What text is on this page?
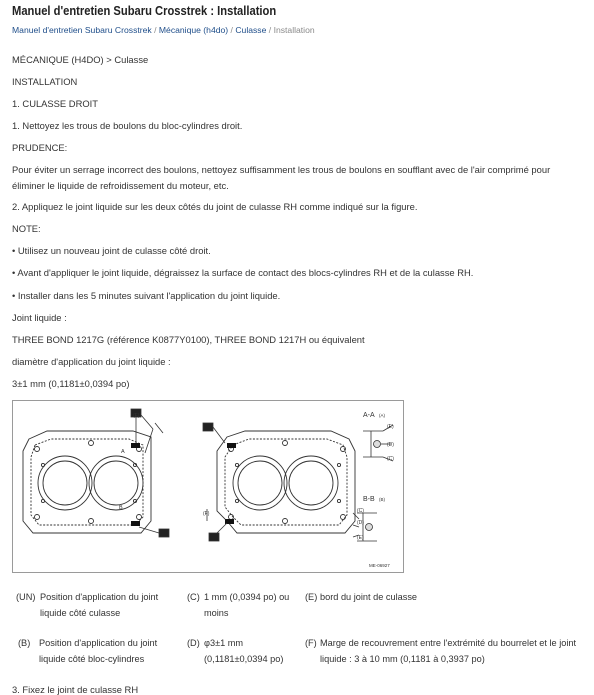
Manuel d'entretien Subaru Crosstrek : Installation
Manuel d'entretien Subaru Crosstrek / Mécanique (h4do) / Culasse / Installation
MÉCANIQUE (H4DO) > Culasse
INSTALLATION
1. CULASSE DROIT
1. Nettoyez les trous de boulons du bloc-cylindres droit.
PRUDENCE:
Pour éviter un serrage incorrect des boulons, nettoyez suffisamment les trous de boulons en soufflant avec de l'air comprimé pour éliminer le liquide de refroidissement du moteur, etc.
2. Appliquez le joint liquide sur les deux côtés du joint de culasse RH comme indiqué sur la figure.
NOTE:
• Utilisez un nouveau joint de culasse côté droit.
• Avant d'appliquer le joint liquide, dégraissez la surface de contact des blocs-cylindres RH et de la culasse RH.
• Installer dans les 5 minutes suivant l'application du joint liquide.
Joint liquide :
THREE BOND 1217G (référence K0877Y0100), THREE BOND 1217H ou équivalent
diamètre d'application du joint liquide :
3±1 mm (0,1181±0,0394 po)
(F)
A
B
(F)
A-A (A)
(E)
(D)
(C)
B-B (B)
(C)
(D)
(E)
ME-06927
(UN) Position d'application du joint liquide côté culasse
(C) 1 mm (0,0394 po) ou moins
(E) bord du joint de culasse
(B) Position d'application du joint liquide côté bloc-cylindres
(D) φ3±1 mm (0,1181±0,0394 po)
(F) Marge de recouvrement entre l'extrémité du bourrelet et le joint liquide : 3 à 10 mm (0,1181 à 0,3937 po)
3. Fixez le joint de culasse RH
